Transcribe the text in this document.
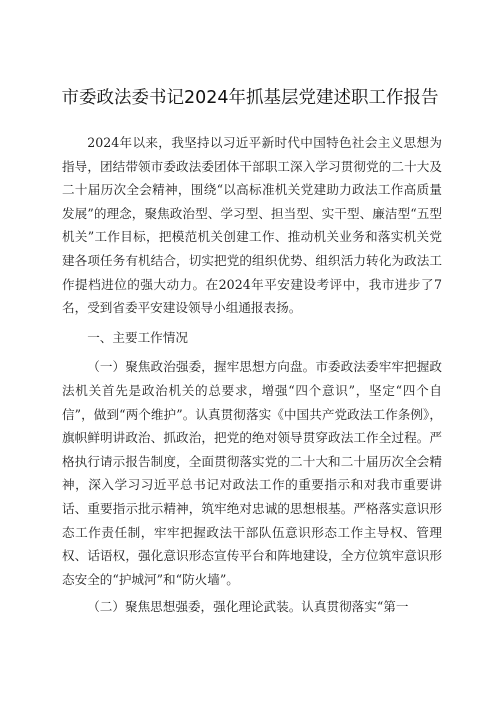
市委政法委书记2024年抓基层党建述职工作报告

2024年以来，我坚持以习近平新时代中国特色社会主义思想为指导，团结带领市委政法委团体干部职工深入学习贯彻党的二十大及二十届历次全会精神，围绕“以高标准机关党建助力政法工作高质量发展”的理念，聚焦政治型、学习型、担当型、实干型、廉洁型“五型机关”工作目标，把模范机关创建工作、推动机关业务和落实机关党建各项任务有机结合，切实把党的组织优势、组织活力转化为政法工作提档进位的强大动力。在2024年平安建设考评中，我市进步了7名，受到省委平安建设领导小组通报表扬。

一、主要工作情况

（一）聚焦政治强委，握牢思想方向盘。市委政法委牢牢把握政法机关首先是政治机关的总要求，增强“四个意识”，坚定“四个自信”，做到“两个维护”。认真贯彻落实《中国共产党政法工作条例》，旗帜鲜明讲政治、抓政治，把党的绝对领导贯穿政法工作全过程。严格执行请示报告制度，全面贯彻落实党的二十大和二十届历次全会精神，深入学习习近平总书记对政法工作的重要指示和对我市重要讲话、重要指示批示精神，筑牢绝对忠诚的思想根基。严格落实意识形态工作责任制，牢牢把握政法干部队伍意识形态工作主导权、管理权、话语权，强化意识形态宣传平台和阵地建设，全方位筑牢意识形态安全的“护城河”和“防火墙”。

（二）聚焦思想强委，强化理论武装。认真贯彻落实“第一
